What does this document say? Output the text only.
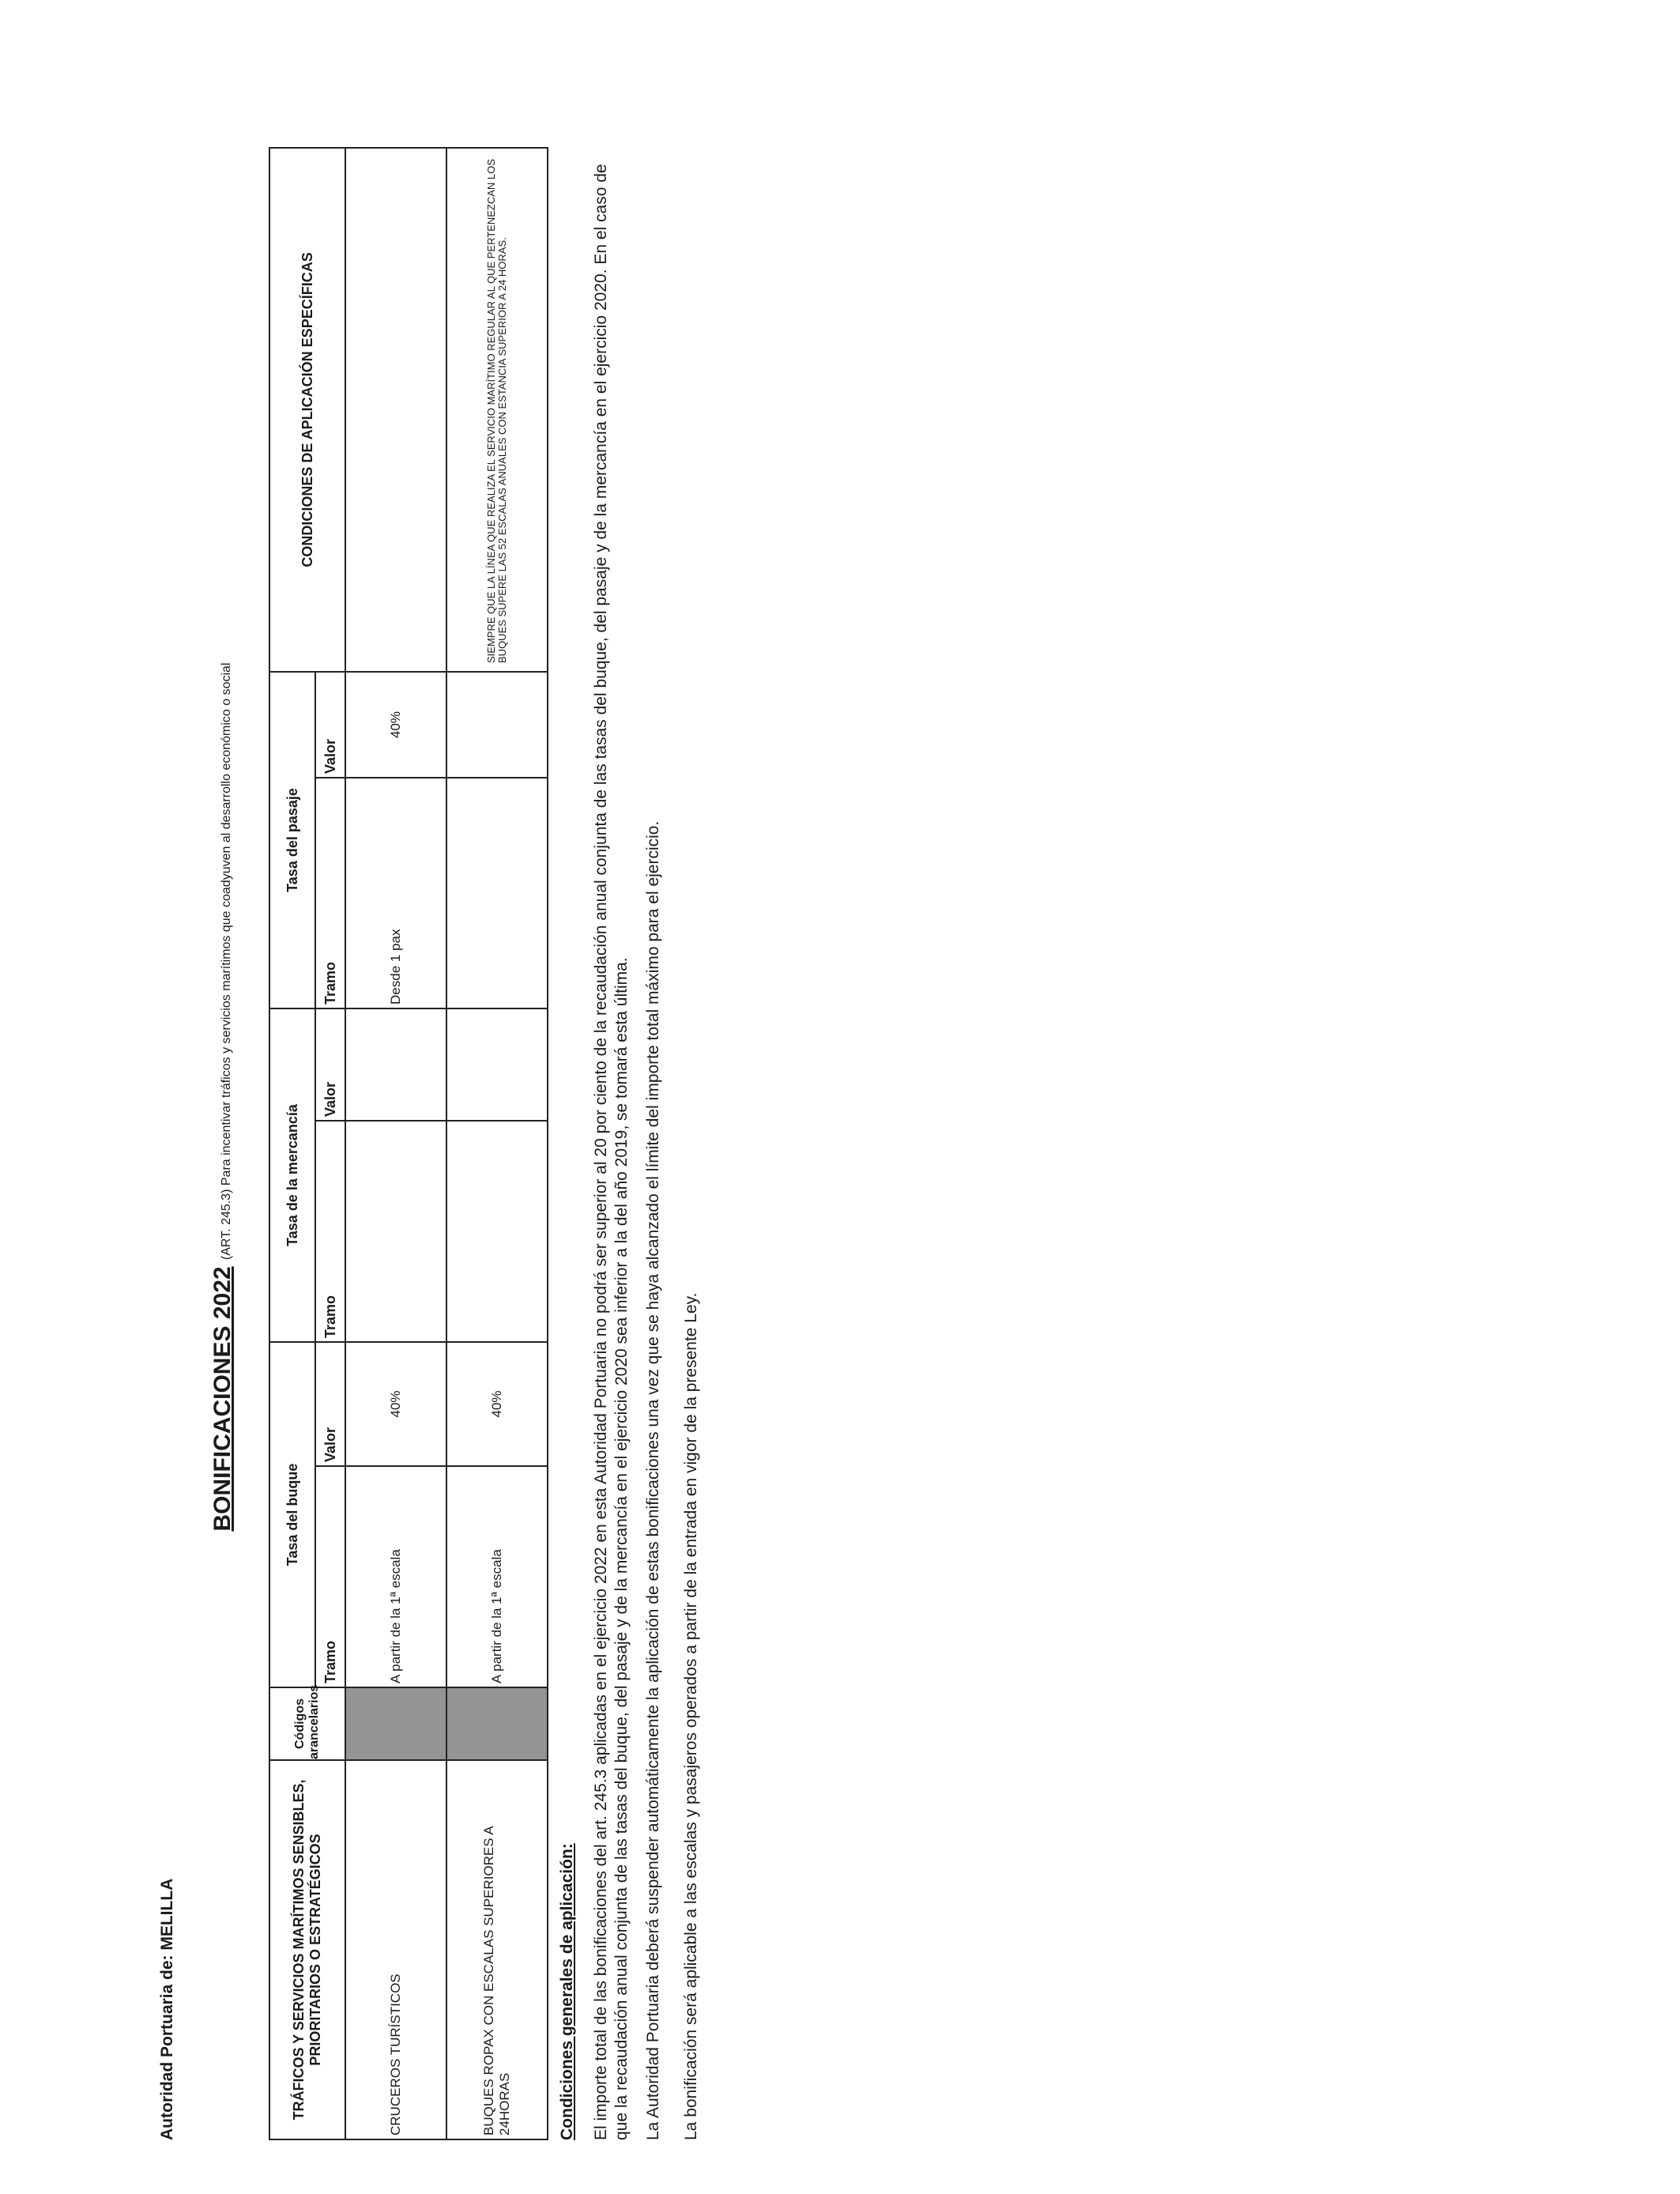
Autoridad Portuaria de: MELILLA
BONIFICACIONES 2022 (ART. 245.3) Para incentivar tráficos y servicios marítimos que coadyuven al desarrollo económico o social
TRÁFICOS Y SERVICIOS MARÍTIMOS SENSIBLES, PRIORITARIOS O ESTRATÉGICOS	Códigos arancelarios	Tasa del buque		Tasa de la mercancía		Tasa del pasaje		CONDICIONES DE APLICACIÓN ESPECÍFICAS
		Tramo	Valor	Tramo	Valor	Tramo	Valor	
CRUCEROS TURÍSTICOS		A partir de la 1ª escala	40%			Desde 1 pax	40%	
BUQUES ROPAX CON ESCALAS SUPERIORES A 24HORAS		A partir de la 1ª escala	40%					SIEMPRE QUE LA LÍNEA QUE REALIZA EL SERVICIO MARÍTIMO REGULAR AL QUE PERTENEZCAN LOS BUQUES SUPERE LAS 52 ESCALAS ANUALES CON ESTANCIA SUPERIOR A 24 HORAS.
Condiciones generales de aplicación: El importe total de las bonificaciones del art. 245.3 aplicadas en el ejercicio 2022 en esta Autoridad Portuaria no podrá ser superior al 20 por ciento de la recaudación anual conjunta de las tasas del buque, del pasaje y de la mercancía en el ejercicio 2020. En el caso de que la recaudación anual conjunta de las tasas del buque, del pasaje y de la mercancía en el ejercicio 2020 sea inferior a la del año 2019, se tomará esta última. La Autoridad Portuaria deberá suspender automáticamente la aplicación de estas bonificaciones una vez que se haya alcanzado el límite del importe total máximo para el ejercicio. La bonificación será aplicable a las escalas y pasajeros operados a partir de la entrada en vigor de la presente Ley.
